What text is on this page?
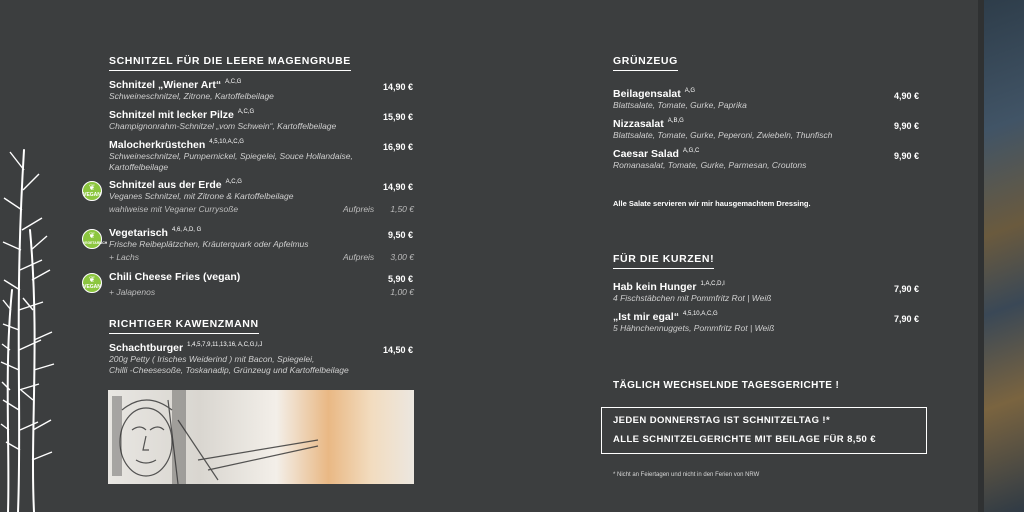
SCHNITZEL FÜR DIE LEERE MAGENGRUBE
Schnitzel „Wiener Art“ $^{A,C,G}$
Schweineschnitzel, Zitrone, Kartoffelbeilage
14,90 €
Schnitzel mit lecker Pilze $^{A,C,G}$
Champignonrahm-Schnitzel „vom Schwein“, Kartoffelbeilage
15,90 €
Malocherkrüstchen $^{4,5,10,A,C,G}$
Schweineschnitzel, Pumpernickel, Spiegelei, Souce Hollandaise, Kartoffelbeilage
16,90 €
❦
VEGAN
Schnitzel aus der Erde $^{A,C,G}$
Veganes Schnitzel, mit Zitrone & Kartoffelbeilage
14,90 €
wahlweise mit Veganer Currysoße	Aufpreis 1,50 €
❦
VEGETARISCH
Vegetarisch $^{4,6, A,D, G}$
Frische Reibeplätzchen, Kräuterquark oder Apfelmus
9,50 €
+ Lachs	Aufpreis 3,00 €
❦
VEGAN
Chili Cheese Fries (vegan)	5,90 €
+ Jalapenos	1,00 €
RICHTIGER KAWENZMANN
Schachtburger $^{1,4,5,7,9,11,13,16, A,C,G,I,J}$
200g Petty ( Irisches Weiderind ) mit Bacon, Spiegelei,
Chilli -Cheesesoße, Toskanadip, Grünzeug und Kartoffelbeilage
14,50 €
GRÜNZEUG
Beilagensalat $^{A,G}$
Blattsalate, Tomate, Gurke, Paprika
4,90 €
Nizzasalat $^{A,B,G}$
Blattsalate, Tomate, Gurke, Peperoni, Zwiebeln, Thunfisch
9,90 €
Caesar Salad $^{A,G,C}$
Romanasalat, Tomate, Gurke, Parmesan, Croutons
9,90 €
Alle Salate servieren wir mir hausgemachtem Dressing.
FÜR DIE KURZEN!
Hab kein Hunger $^{1,A,C,D,I}$
4 Fischstäbchen mit Pommfritz Rot | Weiß
7,90 €
„Ist mir egal“ $^{4,5,10,A,C,G}$
5 Hähnchennuggets, Pommfritz Rot | Weiß
7,90 €
TÄGLICH WECHSELNDE TAGESGERICHTE !
JEDEN DONNERSTAG IST SCHNITZELTAG !*
ALLE SCHNITZELGERICHTE MIT BEILAGE FÜR 8,50 €
* Nicht an Feiertagen und nicht in den Ferien von NRW
